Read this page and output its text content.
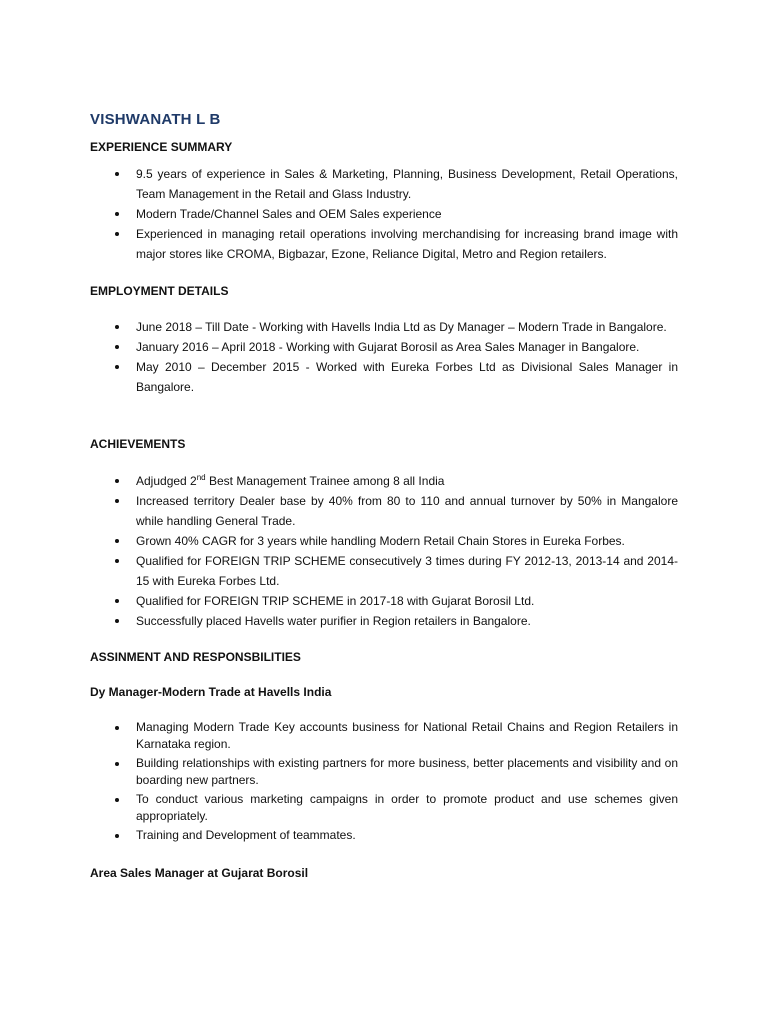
VISHWANATH L B
EXPERIENCE SUMMARY
9.5 years of experience in Sales & Marketing, Planning, Business Development, Retail Operations, Team Management in the Retail and Glass Industry.
Modern Trade/Channel Sales and OEM Sales experience
Experienced in managing retail operations involving merchandising for increasing brand image with major stores like CROMA, Bigbazar, Ezone, Reliance Digital, Metro and Region retailers.
EMPLOYMENT DETAILS
June 2018 – Till Date - Working with Havells India Ltd as Dy Manager – Modern Trade in Bangalore.
January 2016 – April 2018 - Working with Gujarat Borosil as Area Sales Manager in Bangalore.
May 2010 – December 2015 - Worked with Eureka Forbes Ltd as Divisional Sales Manager in Bangalore.
ACHIEVEMENTS
Adjudged 2nd Best Management Trainee among 8 all India
Increased territory Dealer base by 40% from 80 to 110 and annual turnover by 50% in Mangalore while handling General Trade.
Grown 40% CAGR for 3 years while handling Modern Retail Chain Stores in Eureka Forbes.
Qualified for FOREIGN TRIP SCHEME consecutively 3 times during FY 2012-13, 2013-14 and 2014-15 with Eureka Forbes Ltd.
Qualified for FOREIGN TRIP SCHEME in 2017-18 with Gujarat Borosil Ltd.
Successfully placed Havells water purifier in Region retailers in Bangalore.
ASSINMENT AND RESPONSBILITIES
Dy Manager-Modern Trade at Havells India
Managing Modern Trade Key accounts business for National Retail Chains and Region Retailers in Karnataka region.
Building relationships with existing partners for more business, better placements and visibility and on boarding new partners.
To conduct various marketing campaigns in order to promote product and use schemes given appropriately.
Training and Development of teammates.
Area Sales Manager at Gujarat Borosil
